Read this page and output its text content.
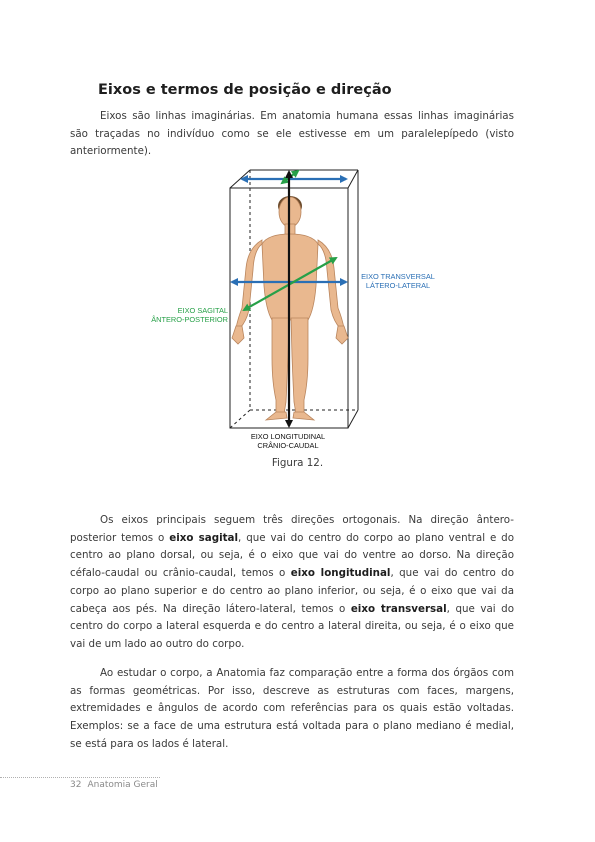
Eixos e termos de posição e direção

Eixos são linhas imaginárias. Em anatomia humana essas linhas imaginárias são traçadas no indivíduo como se ele estivesse em um paralelepípedo (visto anteriormente).

EIXO TRANSVERSAL
LÁTERO-LATERAL
EIXO SAGITAL
ÂNTERO-POSTERIOR
EIXO LONGITUDINAL
CRÂNIO-CAUDAL

Figura 12.

Os eixos principais seguem três direções ortogonais. Na direção ântero-posterior temos o eixo sagital, que vai do centro do corpo ao plano ventral e do centro ao plano dorsal, ou seja, é o eixo que vai do ventre ao dorso. Na direção céfalo-caudal ou crânio-caudal, temos o eixo longitudinal, que vai do centro do corpo ao plano superior e do centro ao plano inferior, ou seja, é o eixo que vai da cabeça aos pés. Na direção látero-lateral, temos o eixo transversal, que vai do centro do corpo a lateral esquerda e do centro a lateral direita, ou seja, é o eixo que vai de um lado ao outro do corpo.

Ao estudar o corpo, a Anatomia faz comparação entre a forma dos órgãos com as formas geométricas. Por isso, descreve as estruturas com faces, margens, extremidades e ângulos de acordo com referências para os quais estão voltadas. Exemplos: se a face de uma estrutura está voltada para o plano mediano é medial, se está para os lados é lateral.

32 Anatomia Geral
